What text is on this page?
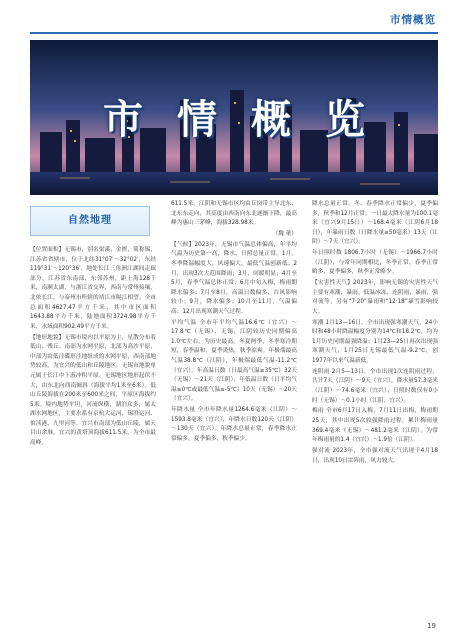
市情概览
市情概览
自然地理

【位置面积】无锡市，别名梁溪、金匮，简称锡，江苏省省辖市，位于北纬31°07′～32°02′，东经119°31′～120°36′，地处长江三角洲江湖间走廊部分，江苏省东南部，东邻苏州，距上海128千米，南濒太湖，与浙江省交界，西南与常州接壤，北依长江，与泰州市所辖的靖江市隔江相望。全市总面积4627.47平方千米，其中市区面积1643.88平方千米，陆地面积3724.98平方千米，水域面积902.49平方千米。

【地形地貌】无锡市境内以平原为主，星散分布着低山、残丘。南部为水网平原，北部为高沙平原，中部为由低洼碟形洼地组成的水网平原，西南部地势较高，为宜兴的低山和丘陵地区。无锡市地貌单元属于长江中下游冲积平原。无锡地区地形起伏不大，由东北向西南倾斜（海拔平均1米至6米）。低山丘陵海拔在200米至600米之间，平原区海拔约5米。境内地势平坦，河流纵横，湖泊众多，属太湖水网地区，主要水系有京杭大运河、锡澄运河、伯渎港、九里河等。宜兴市南部为低山丘陵，属天目山余脉。宜兴的黄塔顶海拔611.5米，为全市最高峰。

611.5米。江阴和无锡市区均由丘岗带主导北东、北东东走向，其高度由西南向东北逐渐下降，最高峰为惠山三茅峰，海拔328.98米。

（魏 董）

【气候】2023年，无锡市气温总体偏高，年平均气温为历史第一高，降水、日照总量正常。1月，冬季降温幅度大，风速偏大，最低气温创新低；2月，出现3次大范围降雨；3月，回暖明显；4月至5月，春季气温总体正常；6月中旬入梅，梅雨期降水偏多；7月至8月，高温日数偏多，台风影响较小；9月，降水偏多；10月至11月，气温偏高；12月出现寒潮天气过程。

平均气温 全市年平均气温16.6℃（宜兴）～17.8℃（无锡），无锡、江阴较历史同期偏高1.0℃左右，为历史最高。冬夏两季，冬季寒冷期短，春季温和，夏季炎热，秋季凉爽。年极端最高气温38.8℃（江阴），年极端最低气温-11.2℃（宜兴）。年高温日数（日最高气温≥35℃）32天（无锡）～21天（江阴），年低温日数（日平均气温≤0℃或最低气温≤-5℃）10天（无锡）～20天（宜兴）。

年降水量 全市年降水量1264.6毫米（江阴）～1593.8毫米（宜兴），年降水日数120天（江阴）～130天（宜兴）。年降水总量正常，春季降水正常偏多，夏季偏多，秋季偏少。

降水总量正常，冬、春季降水正常偏少，夏季偏多，秋季和12月正常。一日最大降水量为100.1毫米（宜兴9月15日）～168.4毫米（江阴6月18日），年暴雨日数（日降水量≥50毫米）13天（江阴）～7天（宜兴）。

年日照时数 1806.7小时（无锡）～1966.7小时（江阴），与常年同期相比，冬季正常，春季正常略多，夏季偏多，秋季正常略少。

【灾害性天气】2023年，影响无锡的灾害性天气主要有寒潮、暴雨、低温冰冻、连阴雨、暴雨、强对流等，另有“7·20”暴雨和“12·18”暴雪影响较大。

寒潮 1月13—16日，全市出现强寒潮天气，24小时和48小时降温幅度分别为14℃和18.2℃，均为1月历史同期最强降温；1月23—25日再次出现强寒潮天气，1月25日无锡最低气温-9.2℃，创1977年以来气温新低。

连阴雨 2月5—13日，全市出现1次连阴雨过程，共计7天（江阴）～9天（宜兴），降水量57.3毫米（江阴）～74.6毫米（宜兴）；日照时数仅有0小时（无锡）～0.1小时（江阴、宜兴）。

梅雨 全市6月17日入梅，7月11日出梅，梅雨期25天，其中出现5次较强降雨过程，累计梅雨量369.4毫米（无锡）～481.2毫米（江阴），为常年梅雨量的1.4（宜兴）～1.9倍（江阴）。

强对流 2023年，全市强对流天气出现于4月18日，出现10日雷阵雨，风力较大。

19
